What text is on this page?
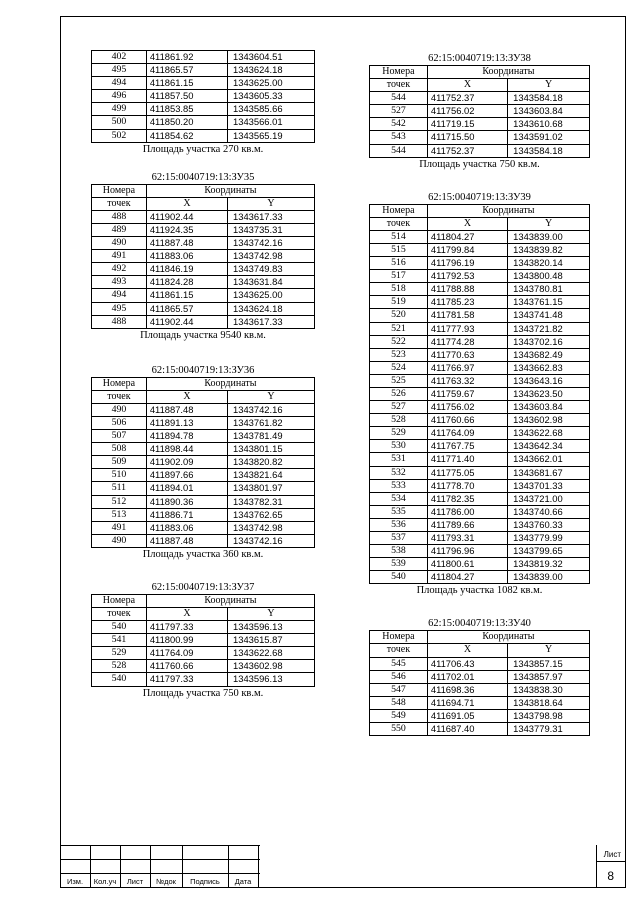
402	411861.92	1343604.51
495	411865.57	1343624.18
494	411861.15	1343625.00
496	411857.50	1343605.33
499	411853.85	1343585.66
500	411850.20	1343566.01
502	411854.62	1343565.19
Площадь участка 270 кв.м.
62:15:0040719:13:ЗУ35
Номера	Координаты	
точек	X	Y
488	411902.44	1343617.33
489	411924.35	1343735.31
490	411887.48	1343742.16
491	411883.06	1343742.98
492	411846.19	1343749.83
493	411824.28	1343631.84
494	411861.15	1343625.00
495	411865.57	1343624.18
488	411902.44	1343617.33
Площадь участка 9540 кв.м.
62:15:0040719:13:ЗУ36
Номера	Координаты	
точек	X	Y
490	411887.48	1343742.16
506	411891.13	1343761.82
507	411894.78	1343781.49
508	411898.44	1343801.15
509	411902.09	1343820.82
510	411897.66	1343821.64
511	411894.01	1343801.97
512	411890.36	1343782.31
513	411886.71	1343762.65
491	411883.06	1343742.98
490	411887.48	1343742.16
Площадь участка 360 кв.м.
62:15:0040719:13:ЗУ37
Номера	Координаты	
точек	X	Y
540	411797.33	1343596.13
541	411800.99	1343615.87
529	411764.09	1343622.68
528	411760.66	1343602.98
540	411797.33	1343596.13
Площадь участка 750 кв.м.
62:15:0040719:13:ЗУ38
Номера	Координаты	
точек	X	Y
544	411752.37	1343584.18
527	411756.02	1343603.84
542	411719.15	1343610.68
543	411715.50	1343591.02
544	411752.37	1343584.18
Площадь участка 750 кв.м.
62:15:0040719:13:ЗУ39
Номера	Координаты	
точек	X	Y
514	411804.27	1343839.00
515	411799.84	1343839.82
516	411796.19	1343820.14
517	411792.53	1343800.48
518	411788.88	1343780.81
519	411785.23	1343761.15
520	411781.58	1343741.48
521	411777.93	1343721.82
522	411774.28	1343702.16
523	411770.63	1343682.49
524	411766.97	1343662.83
525	411763.32	1343643.16
526	411759.67	1343623.50
527	411756.02	1343603.84
528	411760.66	1343602.98
529	411764.09	1343622.68
530	411767.75	1343642.34
531	411771.40	1343662.01
532	411775.05	1343681.67
533	411778.70	1343701.33
534	411782.35	1343721.00
535	411786.00	1343740.66
536	411789.66	1343760.33
537	411793.31	1343779.99
538	411796.96	1343799.65
539	411800.61	1343819.32
540	411804.27	1343839.00
Площадь участка 1082 кв.м.
62:15:0040719:13:ЗУ40
Номера	Координаты	
точек	X	Y
545	411706.43	1343857.15
546	411702.01	1343857.97
547	411698.36	1343838.30
548	411694.71	1343818.64
549	411691.05	1343798.98
550	411687.40	1343779.31
Изм.	Кол.уч	Лист	№док	Подпись	Дата
Лист
8
